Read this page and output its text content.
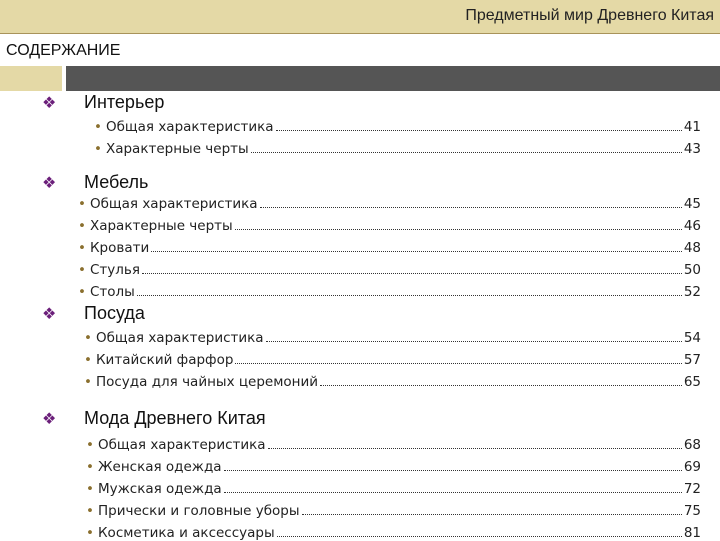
Предметный мир Древнего Китая
СОДЕРЖАНИЕ
❖ Интерьер
• Общая характеристика	41
• Характерные черты	43
❖ Мебель
• Общая характеристика	45
• Характерные черты	46
• Кровати	48
• Стулья	50
• Столы	52
❖ Посуда
• Общая характеристика	54
• Китайский фарфор	57
• Посуда для чайных церемоний	65
❖ Мода Древнего Китая
• Общая характеристика	68
• Женская одежда	69
• Мужская одежда	72
• Прически и головные уборы	75
• Косметика и аксессуары	81
